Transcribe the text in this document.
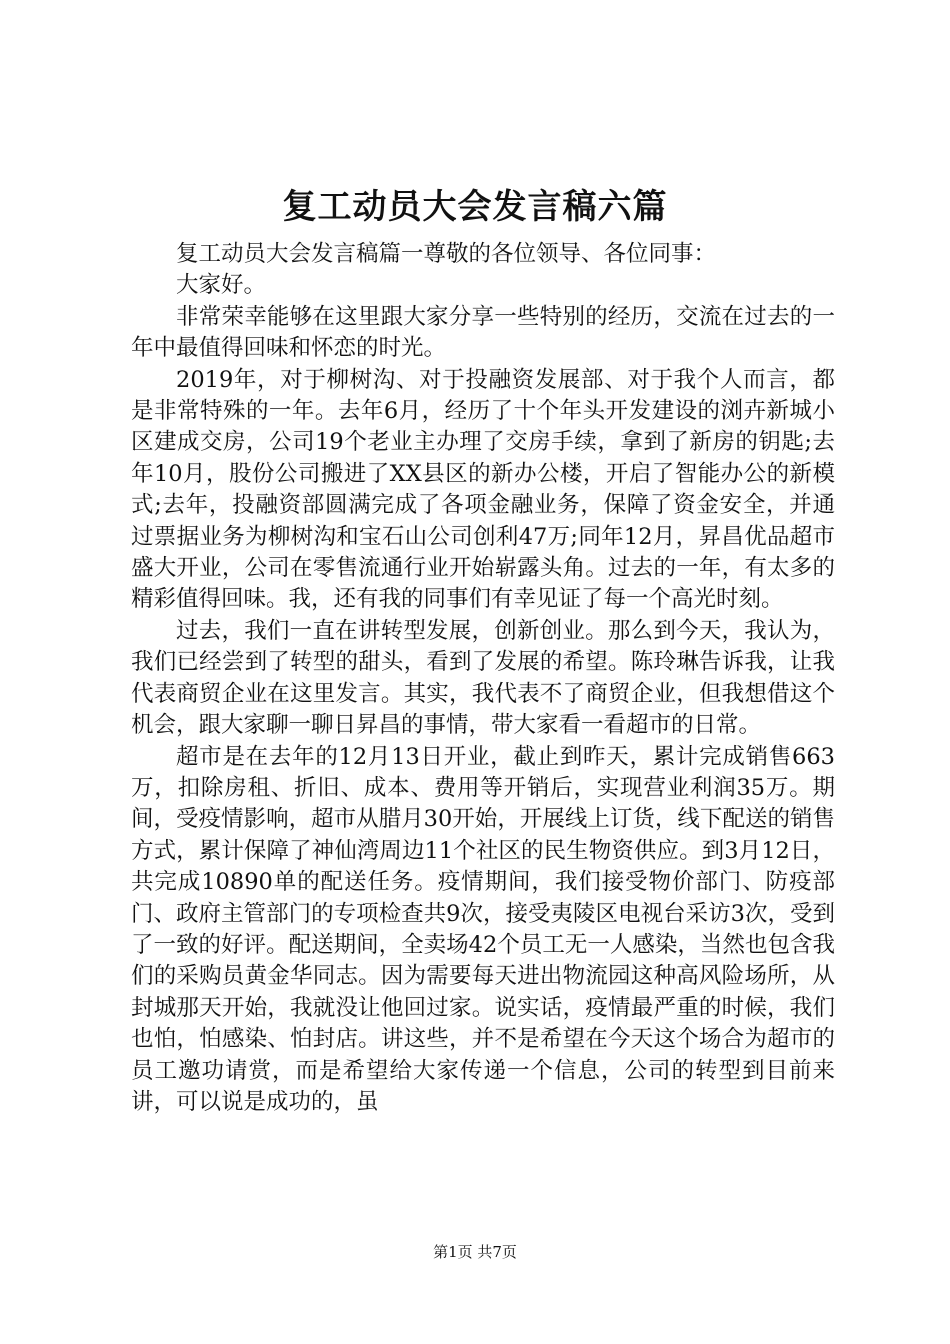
复工动员大会发言稿六篇

复工动员大会发言稿篇一尊敬的各位领导、各位同事：

大家好。

非常荣幸能够在这里跟大家分享一些特别的经历，交流在过去的一年中最值得回味和怀恋的时光。

2019年，对于柳树沟、对于投融资发展部、对于我个人而言，都是非常特殊的一年。去年6月，经历了十个年头开发建设的浏卉新城小区建成交房，公司19个老业主办理了交房手续，拿到了新房的钥匙;去年10月，股份公司搬进了XX县区的新办公楼，开启了智能办公的新模式;去年，投融资部圆满完成了各项金融业务，保障了资金安全，并通过票据业务为柳树沟和宝石山公司创利47万;同年12月，昇昌优品超市盛大开业，公司在零售流通行业开始崭露头角。过去的一年，有太多的精彩值得回味。我，还有我的同事们有幸见证了每一个高光时刻。

过去，我们一直在讲转型发展，创新创业。那么到今天，我认为，我们已经尝到了转型的甜头，看到了发展的希望。陈玲琳告诉我，让我代表商贸企业在这里发言。其实，我代表不了商贸企业，但我想借这个机会，跟大家聊一聊日昇昌的事情，带大家看一看超市的日常。

超市是在去年的12月13日开业，截止到昨天，累计完成销售663万，扣除房租、折旧、成本、费用等开销后，实现营业利润35万。期间，受疫情影响，超市从腊月30开始，开展线上订货，线下配送的销售方式，累计保障了神仙湾周边11个社区的民生物资供应。到3月12日，共完成10890单的配送任务。疫情期间，我们接受物价部门、防疫部门、政府主管部门的专项检查共9次，接受夷陵区电视台采访3次，受到了一致的好评。配送期间，全卖场42个员工无一人感染，当然也包含我们的采购员黄金华同志。因为需要每天进出物流园这种高风险场所，从封城那天开始，我就没让他回过家。说实话，疫情最严重的时候，我们也怕，怕感染、怕封店。讲这些，并不是希望在今天这个场合为超市的员工邀功请赏，而是希望给大家传递一个信息，公司的转型到目前来讲，可以说是成功的，虽

第1页 共7页
